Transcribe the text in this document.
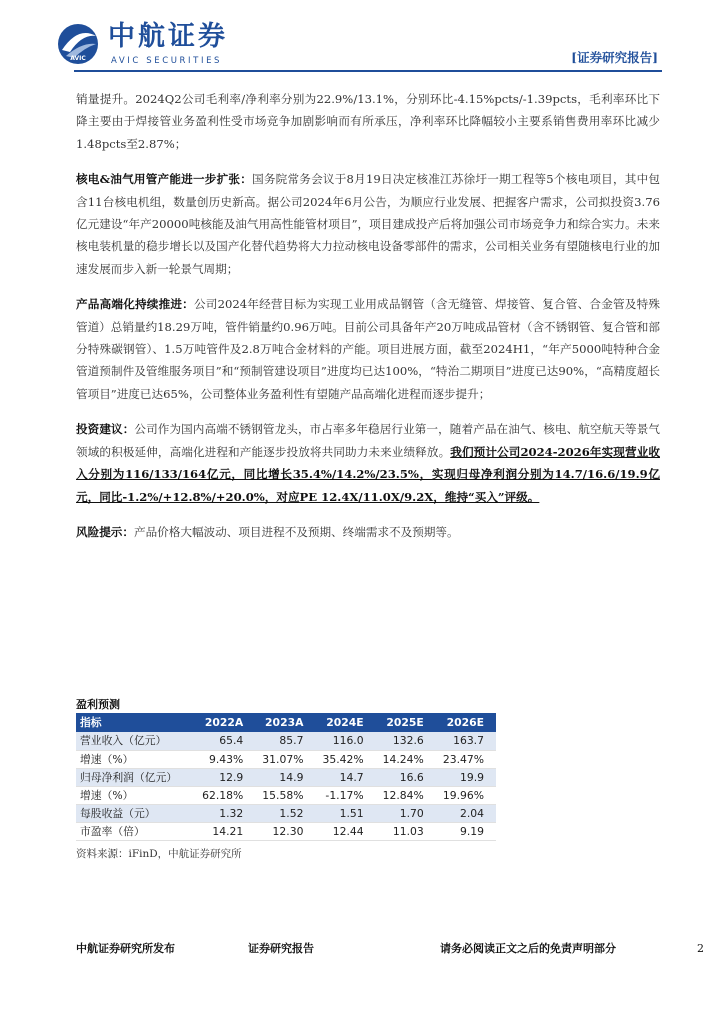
AVIC
中航证券
AVIC SECURITIES	[证券研究报告]

销量提升。2024Q2公司毛利率/净利率分别为22.9%/13.1%，分别环比-4.15%pcts/-1.39pcts，毛利率环比下降主要由于焊接管业务盈利性受市场竞争加剧影响而有所承压，净利率环比降幅较小主要系销售费用率环比减少1.48pcts至2.87%；

核电&油气用管产能进一步扩张：国务院常务会议于8月19日决定核准江苏徐圩一期工程等5个核电项目，其中包含11台核电机组，数量创历史新高。据公司2024年6月公告，为顺应行业发展、把握客户需求，公司拟投资3.76亿元建设“年产20000吨核能及油气用高性能管材项目”，项目建成投产后将加强公司市场竞争力和综合实力。未来核电装机量的稳步增长以及国产化替代趋势将大力拉动核电设备零部件的需求，公司相关业务有望随核电行业的加速发展而步入新一轮景气周期；

产品高端化持续推进：公司2024年经营目标为实现工业用成品钢管（含无缝管、焊接管、复合管、合金管及特殊管道）总销量约18.29万吨，管件销量约0.96万吨。目前公司具备年产20万吨成品管材（含不锈钢管、复合管和部分特殊碳钢管）、1.5万吨管件及2.8万吨合金材料的产能。项目进展方面，截至2024H1，“年产5000吨特种合金管道预制件及管维服务项目”和“预制管建设项目”进度均已达100%，“特治二期项目”进度已达90%，“高精度超长管项目”进度已达65%，公司整体业务盈利性有望随产品高端化进程而逐步提升；

投资建议：公司作为国内高端不锈钢管龙头，市占率多年稳居行业第一，随着产品在油气、核电、航空航天等景气领域的积极延伸，高端化进程和产能逐步投放将共同助力未来业绩释放。我们预计公司2024-2026年实现营业收入分别为116/133/164亿元，同比增长35.4%/14.2%/23.5%，实现归母净利润分别为14.7/16.6/19.9亿元，同比-1.2%/+12.8%/+20.0%，对应PE 12.4X/11.0X/9.2X，维持“买入”评级。

风险提示：产品价格大幅波动、项目进程不及预期、终端需求不及预期等。

盈利预测
指标	2022A	2023A	2024E	2025E	2026E
营业收入（亿元）	65.4	85.7	116.0	132.6	163.7
增速（%）	9.43%	31.07%	35.42%	14.24%	23.47%
归母净利润（亿元）	12.9	14.9	14.7	16.6	19.9
增速（%）	62.18%	15.58%	-1.17%	12.84%	19.96%
每股收益（元）	1.32	1.52	1.51	1.70	2.04
市盈率（倍）	14.21	12.30	12.44	11.03	9.19
资料来源：iFinD，中航证券研究所
中航证券研究所发布	证券研究报告	请务必阅读正文之后的免责声明部分	2
